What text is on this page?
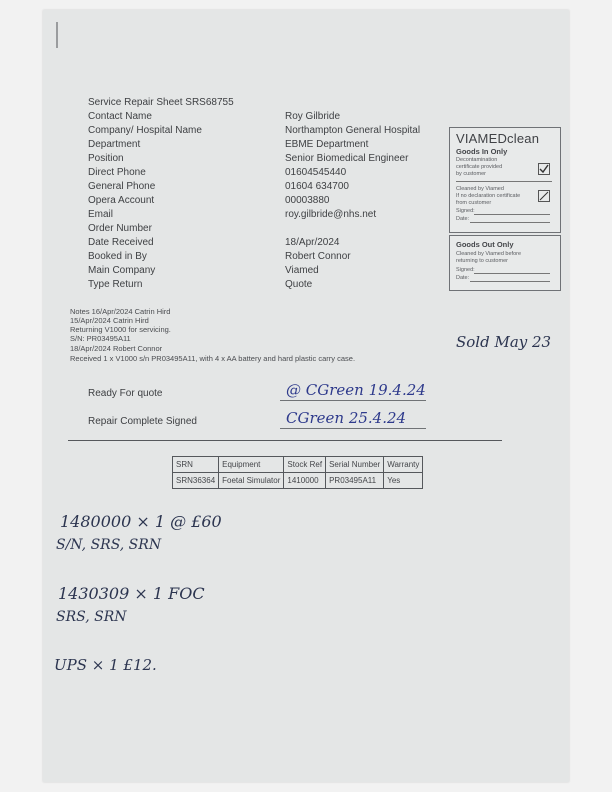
Service Repair Sheet SRS68755
Contact Name	Roy Gilbride
Company/ Hospital Name	Northampton General Hospital
Department	EBME Department
Position	Senior Biomedical Engineer
Direct Phone	01604545440
General Phone	01604 634700
Opera Account	00003880
Email	roy.gilbride@nhs.net
Order Number
Date Received	18/Apr/2024
Booked in By	Robert Connor
Main Company	Viamed
Type Return	Quote
VIAMEDclean
Goods In Only
Decontamination
certificate provided
by customer
Cleaned by Viamed
If no declaration certificate
from customer
Signed:
Date:
Goods Out Only
Cleaned by Viamed before
returning to customer
Signed:
Date:
Notes 16/Apr/2024 Catrin Hird
15/Apr/2024 Catrin Hird
Returning V1000 for servicing.
S/N: PR03495A11
18/Apr/2024 Robert Connor
Received 1 x V1000 s/n PR03495A11, with 4 x AA battery and hard plastic carry case.
Sold May 23
Ready For quote	@ CGreen 19.4.24
Repair Complete Signed	CGreen 25.4.24
SRN	Equipment	Stock Ref	Serial Number	Warranty
SRN36364	Foetal Simulator	1410000	PR03495A11	Yes
1480000 × 1 @ £60
S/N, SRS, SRN
1430309 × 1 FOC
SRS, SRN
UPS × 1 £12.
